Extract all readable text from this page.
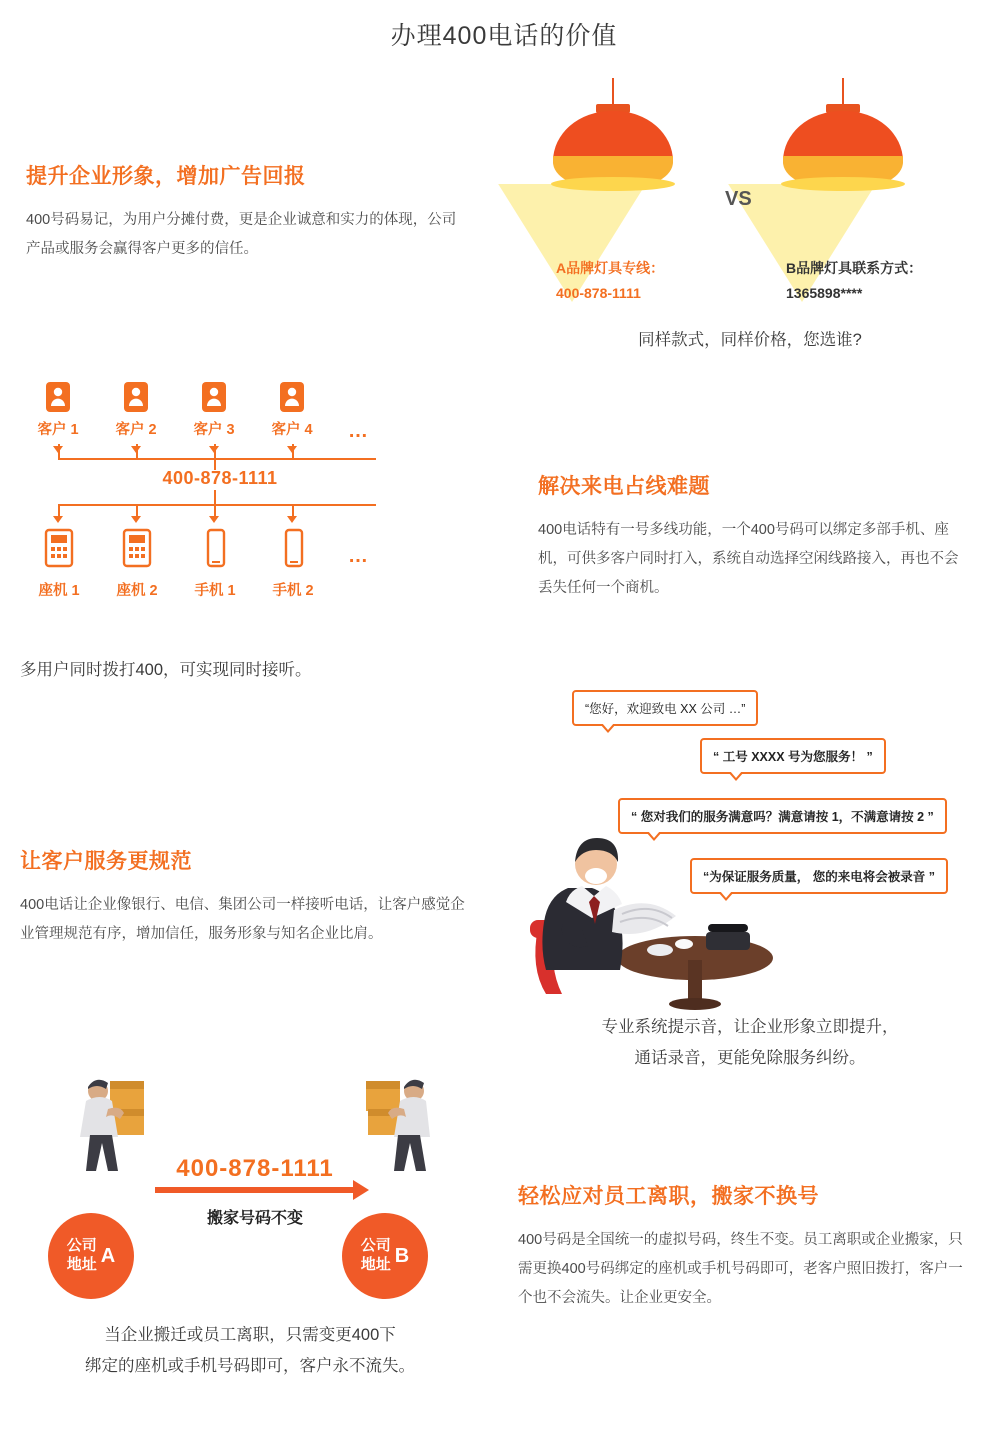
办理400电话的价值
提升企业形象，增加广告回报
400号码易记，为用户分摊付费，更是企业诚意和实力的体现，公司产品或服务会赢得客户更多的信任。
A品牌灯具专线：
400-878-1111
B品牌灯具联系方式：
1365898****
VS
同样款式，同样价格，您选谁?
客户 1	客户 2	客户 3	客户 4	…
400-878-1111
座机 1	座机 2	手机 1	手机 2
…
多用户同时拨打400，可实现同时接听。
解决来电占线难题
400电话特有一号多线功能，一个400号码可以绑定多部手机、座机，可供多客户同时打入，系统自动选择空闲线路接入，再也不会丢失任何一个商机。
让客户服务更规范
400电话让企业像银行、电信、集团公司一样接听电话，让客户感觉企业管理规范有序，增加信任，服务形象与知名企业比肩。
“您好，欢迎致电 XX 公司 …”
“ 工号 XXXX 号为您服务！ ”
“ 您对我们的服务满意吗？满意请按 1，不满意请按 2 ”
“为保证服务质量， 您的来电将会被录音 ”
专业系统提示音，让企业形象立即提升，
通话录音，更能免除服务纠纷。
400-878-1111
搬家号码不变
公司
地址 A	公司
地址 B
当企业搬迁或员工离职，只需变更400下
绑定的座机或手机号码即可，客户永不流失。
轻松应对员工离职，搬家不换号
400号码是全国统一的虚拟号码，终生不变。员工离职或企业搬家，只需更换400号码绑定的座机或手机号码即可，老客户照旧拨打，客户一个也不会流失。让企业更安全。
